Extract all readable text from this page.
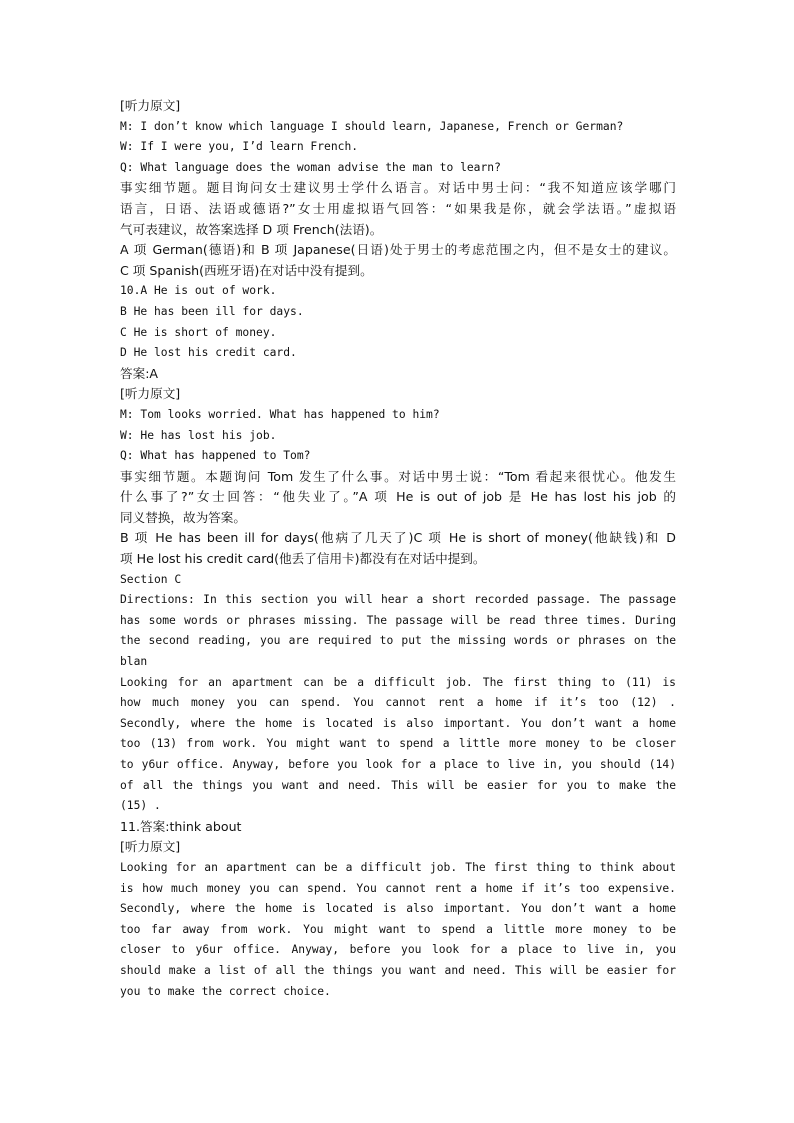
[听力原文]
M: I don’t know which language I should learn, Japanese, French or German?
W: If I were you, I’d learn French.
Q: What language does the woman advise the man to learn?
事实细节题。题目询问女士建议男士学什么语言。对话中男士问：“我不知道应该学哪门
语言，日语、法语或德语?”女士用虚拟语气回答：“如果我是你，就会学法语。”虚拟语
气可表建议，故答案选择 D 项 French(法语)。
A 项 German(德语)和 B 项 Japanese(日语)处于男士的考虑范围之内，但不是女士的建议。
C 项 Spanish(西班牙语)在对话中没有提到。
10.A He is out of work.
B He has been ill for days.
C He is short of money.
D He lost his credit card.
答案:A
[听力原文]
M: Tom looks worried. What has happened to him?
W: He has lost his job.
Q: What has happened to Tom?
事实细节题。本题询问 Tom 发生了什么事。对话中男士说：“Tom 看起来很忧心。他发生
什么事了?”女士回答：“他失业了。”A 项 He is out of job 是 He has lost his job 的
同义替换，故为答案。
B 项 He has been ill for days(他病了几天了)C 项 He is short of money(他缺钱)和 D
项 He lost his credit card(他丢了信用卡)都没有在对话中提到。
Section C
Directions: In this section you will hear a short recorded passage. The passage
has some words or phrases missing. The passage will be read three times. During
the second reading, you are required to put the missing words or phrases on the
blan
Looking for an apartment can be a difficult job. The first thing to (11) is
how much money you can spend. You cannot rent a home if it’s too (12) .
Secondly, where the home is located is also important. You don’t want a home
too (13) from work. You might want to spend a little more money to be closer
to y6ur office. Anyway, before you look for a place to live in, you should (14)
of all the things you want and need. This will be easier for you to make the
(15) .
11.答案:think about
[听力原文]
Looking for an apartment can be a difficult job. The first thing to think about
is how much money you can spend. You cannot rent a home if it’s too expensive.
Secondly, where the home is located is also important. You don’t want a home
too far away from work. You might want to spend a little more money to be
closer to y6ur office. Anyway, before you look for a place to live in, you
should make a list of all the things you want and need. This will be easier for
you to make the correct choice.
